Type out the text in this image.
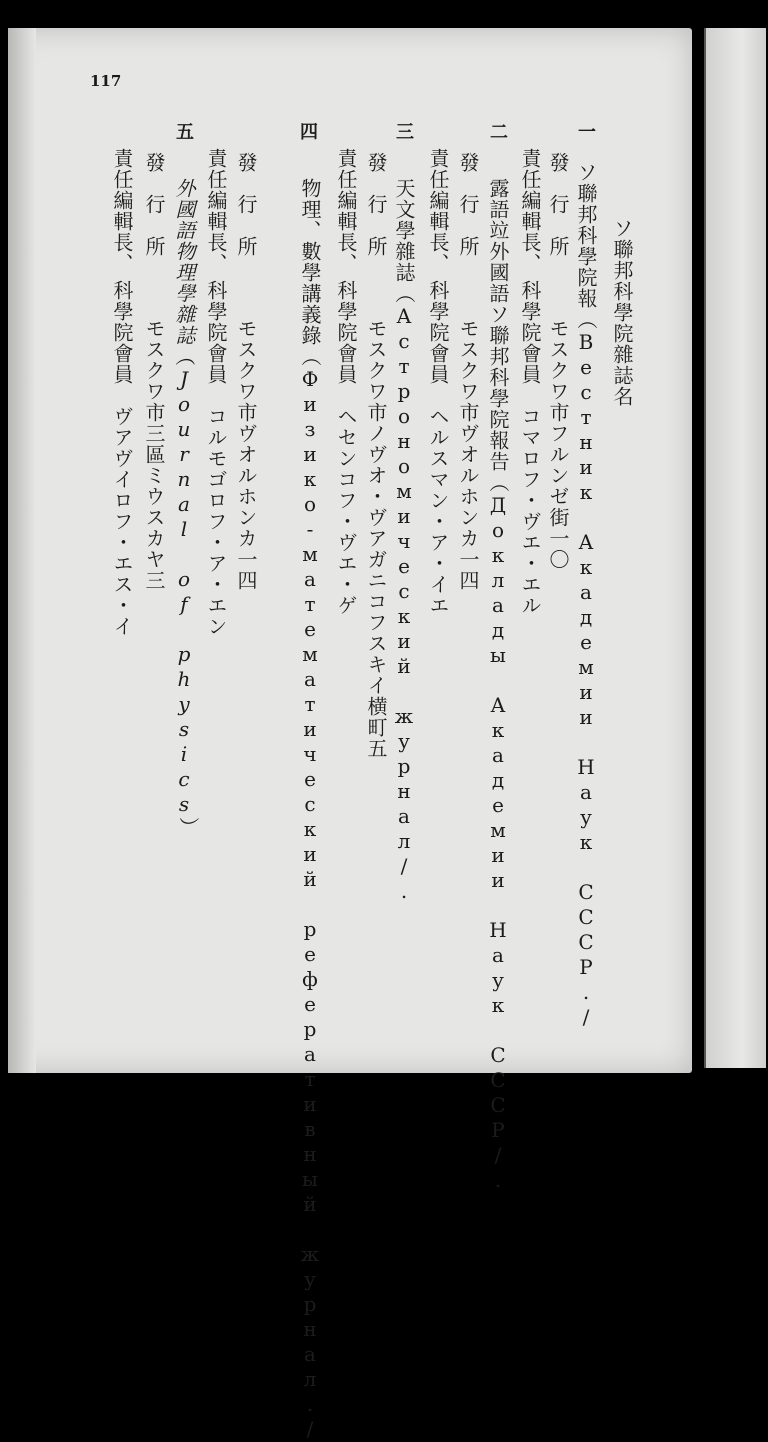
117
ソ聯邦科學院雜誌名
一
ソ聯邦科學院報（Вестник Академии Наук СССР./
發　行　所
モスクワ市フルンゼ街一〇
責任編輯長、
科學院會員　コマロフ・ヴエ・エル
二
露語竝外國語ソ聯邦科學院報告（Доклады Академии Наук СССР/.
發　行　所
モスクワ市ヴオルホンカ一四
責任編輯長、
科學院會員　ヘルスマン・ア・イエ
三
天文學雜誌（Астрономический журнал/.
發　行　所
モスクワ市ノヴオ・ヴアガニコフスキイ横町五
責任編輯長、
科學院會員　ヘセンコフ・ヴエ・ゲ
四
物理、數學講義錄（Физико-математический реферативный журнал./
發　行　所
モスクワ市ヴオルホンカ一四
責任編輯長、
科學院會員　コルモゴロフ・ア・エン
五
外國語物理學雜誌（Journal of physics）
發　行　所
モスクワ市三區ミウスカヤ三
責任編輯長、
科學院會員　ヴアヴイロフ・エス・イ
